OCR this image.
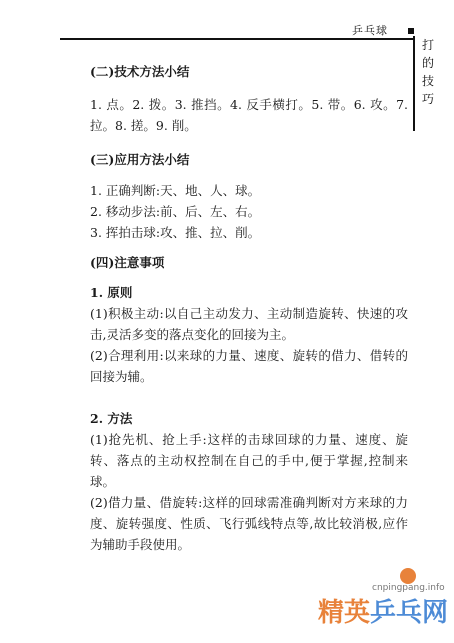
乒乓球
打
的
技
巧
(二)技术方法小结
1. 点。2. 拨。3. 推挡。4. 反手横打。5. 带。6. 攻。7. 拉。8. 搓。9. 削。
(三)应用方法小结
1. 正确判断:天、地、人、球。
2. 移动步法:前、后、左、右。
3. 挥拍击球:攻、推、拉、削。
(四)注意事项
1. 原则
(1)积极主动:以自己主动发力、主动制造旋转、快速的攻击,灵活多变的落点变化的回接为主。
(2)合理利用:以来球的力量、速度、旋转的借力、借转的回接为辅。
2. 方法
(1)抢先机、抢上手:这样的击球回球的力量、速度、旋转、落点的主动权控制在自己的手中,便于掌握,控制来球。
(2)借力量、借旋转:这样的回球需准确判断对方来球的力度、旋转强度、性质、飞行弧线特点等,故比较消极,应作为辅助手段使用。
cnpingpang.info
精英乒乓网
